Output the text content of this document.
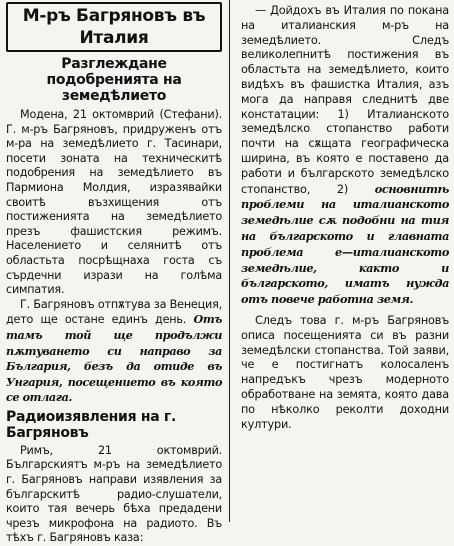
М-ръ Багряновъ въ Италия
Разглеждане подобренията на земедѣлието

Модена, 21 октомврий (Стефани). Г. м-ръ Багряновъ, придруженъ отъ м-ра на земедѣлието г. Тасинари, посети зоната на техническитѣ подобрения на земедѣлието въ Пармиона Молдия, изразявайки своитѣ възхищения отъ постиженията на земедѣлието презъ фашистския режимъ. Населението и селянитѣ отъ областьта посрѣщнаха госта съ сърдечни изрази на голѣма симпатия.

Г. Багряновъ отпѫтува за Венеция, дето ще остане единъ день. Отъ тамъ той ще продължи пѫтуването си направо за България, безъ да отиде въ Унгария, посещението въ която се отлага.

Радиоизявления на г. Багряновъ

Римъ, 21 октомврий. Българскиятъ м-ръ на земедѣлието г. Багряновъ направи изявления за българскитѣ радио-слушатели, които тая вечерь бѣха предадени чрезъ микрофона на радиото. Въ тѣхъ г. Багряновъ каза:

— Дойдохъ въ Италия по покана на италианския м-ръ на земедѣлието. Следъ великолепнитѣ постижения въ областьта на земедѣлието, които видѣхъ въ фашистка Италия, азъ мога да направя следнитѣ две констатации: 1) Италианското земедѣлско стопанство работи почти на сѫщата географическа ширина, въ която е поставено да работи и българското земедѣлско стопанство, 2) основнитѣ проблеми на италианското земедѣлие сѫ подобни на тия на българското и главната проблема е—италианското земедѣлие, както и българското, иматъ нужда отъ повече работна земя.

Следъ това г. м-ръ Багряновъ описа посещенията си въ разни земедѣлски стопанства. Той заяви, че е постигнатъ колосаленъ напредъкъ чрезъ модерното обработване на земята, която дава по нѣколко реколти доходни култури.
